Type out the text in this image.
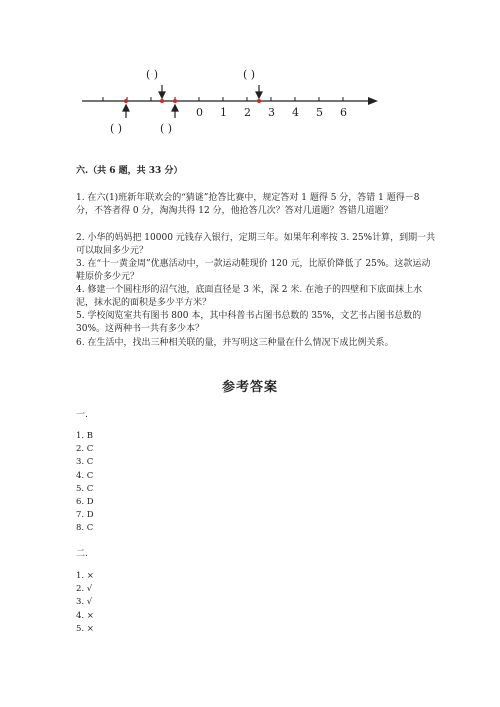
0 1 2 3 4 5 6
( )	( )
( )	( )
六.（共 6 题，共 33 分）
1. 在六(1)班新年联欢会的“猜谜”抢答比赛中，规定答对 1 题得 5 分，答错 1 题得－8 分，不答者得 0 分，淘淘共得 12 分，他抢答几次？答对几道题？答错几道题？
2. 小华的妈妈把 10000 元钱存入银行，定期三年。如果年利率按 3. 25%计算，到期一共可以取回多少元？
3. 在“十一黄金周”优惠活动中，一款运动鞋现价 120 元，比原价降低了 25%。这款运动鞋原价多少元？
4. 修建一个圆柱形的沼气池，底面直径是 3 米，深 2 米. 在池子的四壁和下底面抹上水泥，抹水泥的面积是多少平方米？
5. 学校阅览室共有图书 800 本，其中科普书占图书总数的 35%，文艺书占图书总数的 30%。这两种书一共有多少本？
6. 在生活中，找出三种相关联的量，并写明这三种量在什么情况下成比例关系。
参考答案
一.
1. B
2. C
3. C
4. C
5. C
6. D
7. D
8. C
二.
1. ×
2. √
3. √
4. ×
5. ×
